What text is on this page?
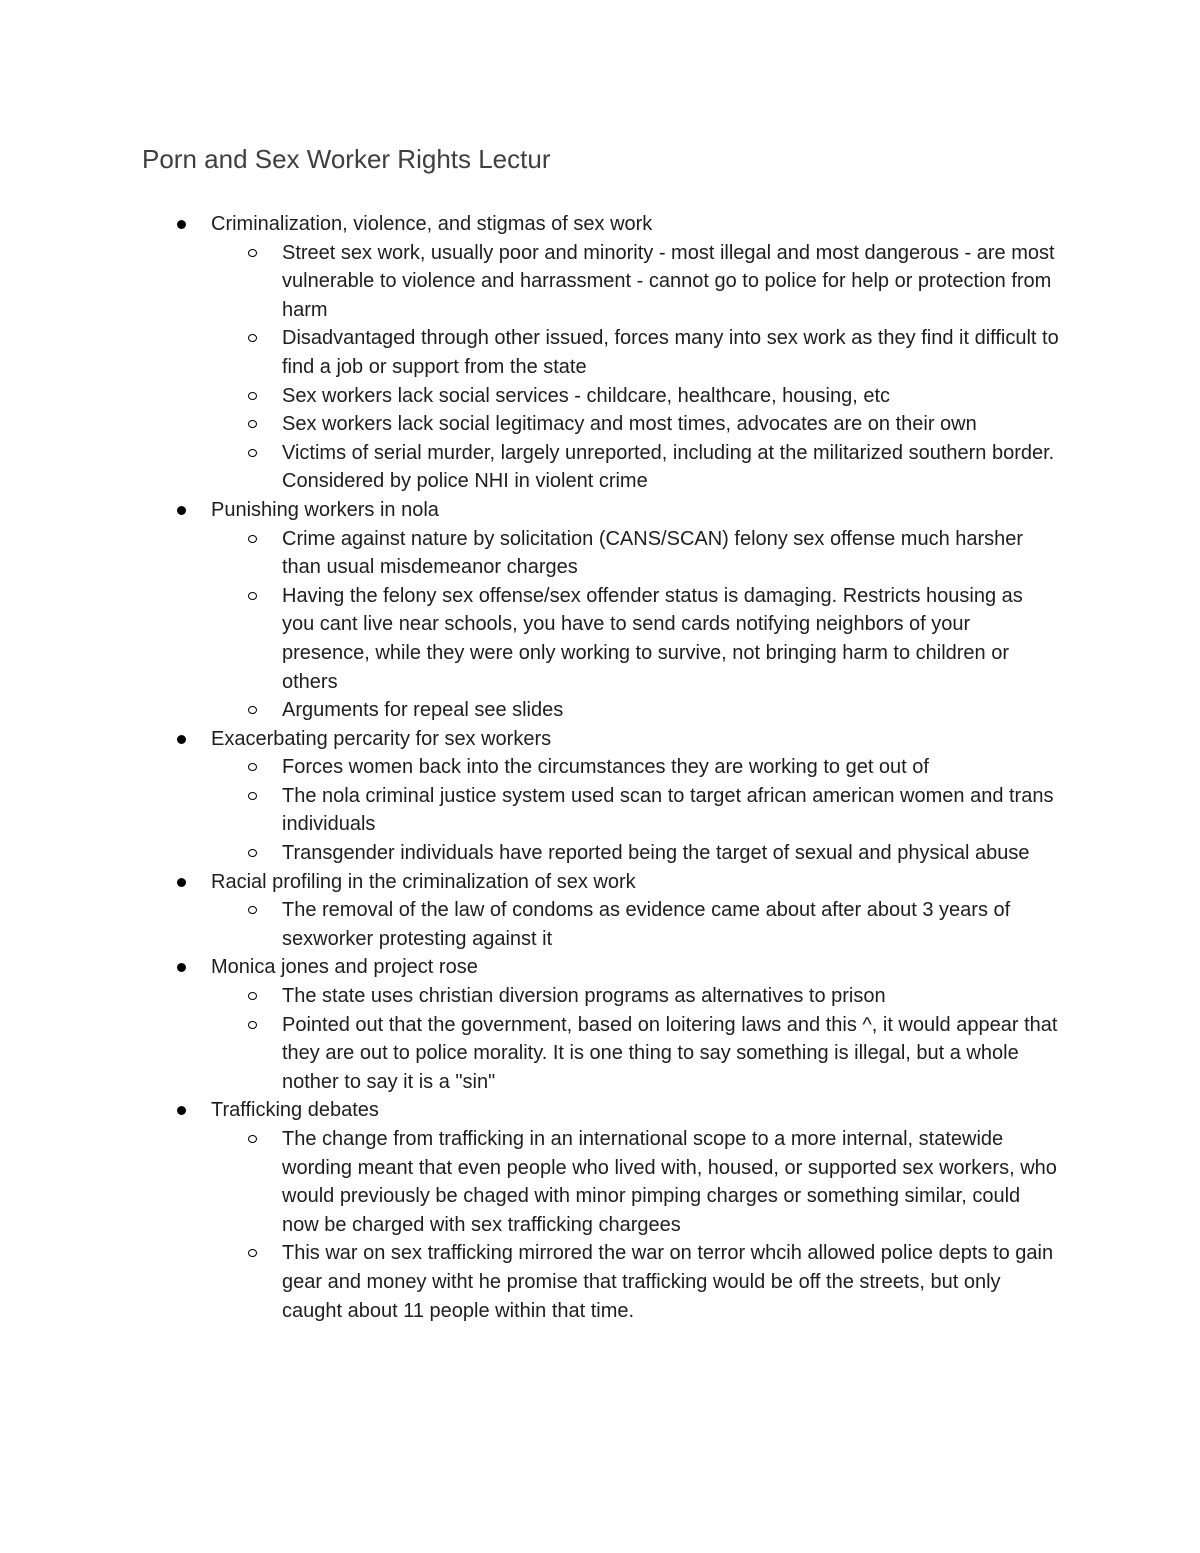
Porn and Sex Worker Rights Lectur
Criminalization, violence, and stigmas of sex work
Street sex work, usually poor and minority - most illegal and most dangerous - are most vulnerable to violence and harrassment - cannot go to police for help or protection from harm
Disadvantaged through other issued, forces many into sex work as they find it difficult to find a job or support from the state
Sex workers lack social services - childcare, healthcare, housing, etc
Sex workers lack social legitimacy and most times, advocates are on their own
Victims of serial murder, largely unreported, including at the militarized southern border. Considered by police NHI in violent crime
Punishing workers in nola
Crime against nature by solicitation (CANS/SCAN) felony sex offense much harsher than usual misdemeanor charges
Having the felony sex offense/sex offender status is damaging. Restricts housing as you cant live near schools, you have to send cards notifying neighbors of your presence, while they were only working to survive, not bringing harm to children or others
Arguments for repeal see slides
Exacerbating percarity for sex workers
Forces women back into the circumstances they are working to get out of
The nola criminal justice system used scan to target african american women and trans individuals
Transgender individuals have reported being the target of sexual and physical abuse
Racial profiling in the criminalization of sex work
The removal of the law of condoms as evidence came about after about 3 years of sexworker protesting against it
Monica jones and project rose
The state uses christian diversion programs as alternatives to prison
Pointed out that the government, based on loitering laws and this ^, it would appear that they are out to police morality. It is one thing to say something is illegal, but a whole nother to say it is a "sin"
Trafficking debates
The change from trafficking in an international scope to a more internal, statewide wording meant that even people who lived with, housed, or supported sex workers, who would previously be chaged with minor pimping charges or something similar, could now be charged with sex trafficking chargees
This war on sex trafficking mirrored the war on terror whcih allowed police depts to gain gear and money witht he promise that trafficking would be off the streets, but only caught about 11 people within that time.
